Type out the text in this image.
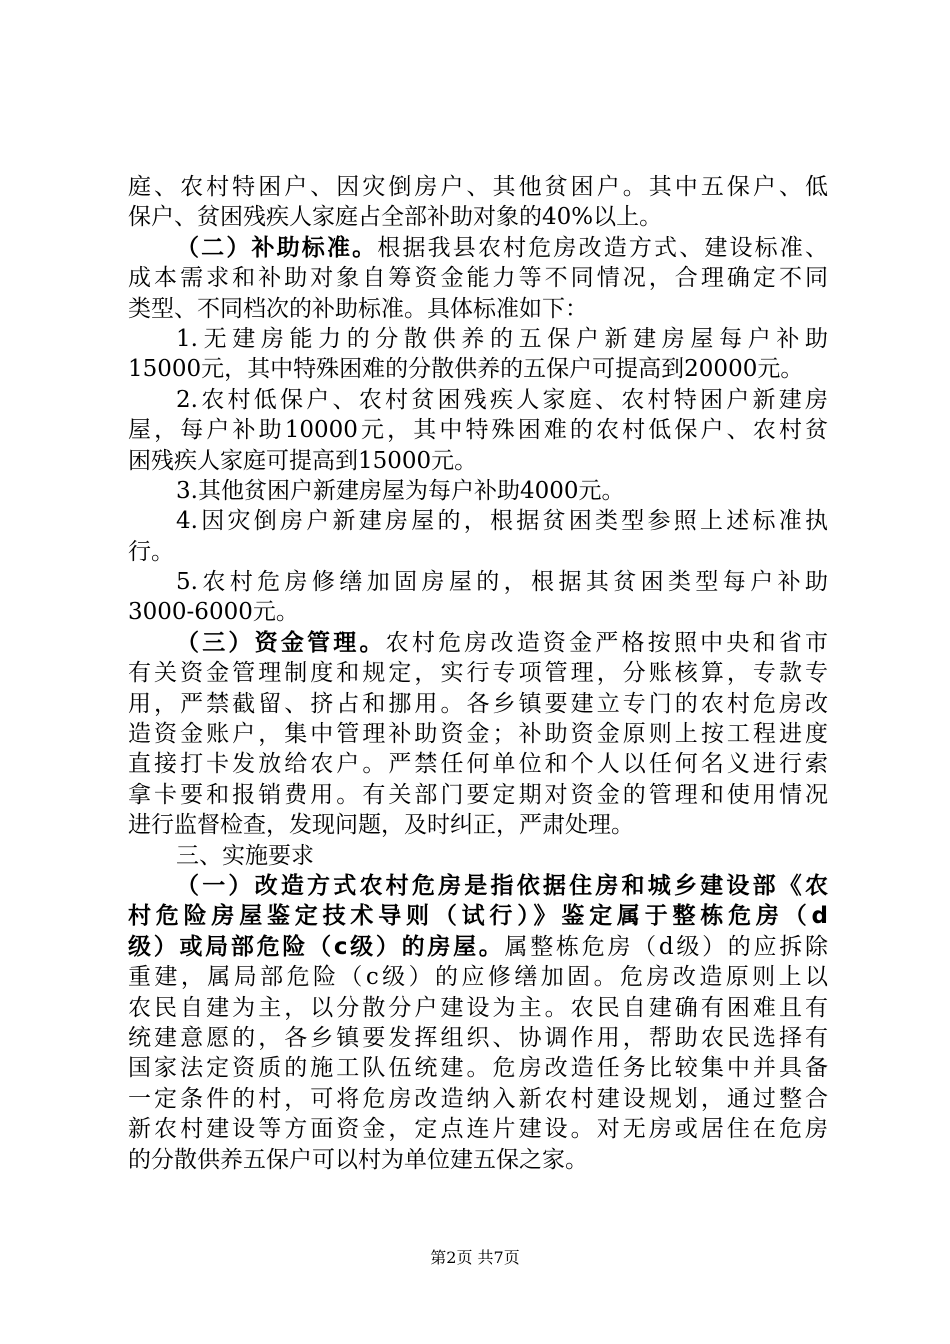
庭、农村特困户、因灾倒房户、其他贫困户。其中五保户、低
保户、贫困残疾人家庭占全部补助对象的40%以上。
（二）补助标准。根据我县农村危房改造方式、建设标准、
成本需求和补助对象自筹资金能力等不同情况，合理确定不同
类型、不同档次的补助标准。具体标准如下：
1.无建房能力的分散供养的五保户新建房屋每户补助
15000元，其中特殊困难的分散供养的五保户可提高到20000元。
2.农村低保户、农村贫困残疾人家庭、农村特困户新建房
屋，每户补助10000元，其中特殊困难的农村低保户、农村贫
困残疾人家庭可提高到15000元。
3.其他贫困户新建房屋为每户补助4000元。
4.因灾倒房户新建房屋的，根据贫困类型参照上述标准执
行。
5.农村危房修缮加固房屋的，根据其贫困类型每户补助
3000-6000元。
（三）资金管理。农村危房改造资金严格按照中央和省市
有关资金管理制度和规定，实行专项管理，分账核算，专款专
用，严禁截留、挤占和挪用。各乡镇要建立专门的农村危房改
造资金账户，集中管理补助资金；补助资金原则上按工程进度
直接打卡发放给农户。严禁任何单位和个人以任何名义进行索
拿卡要和报销费用。有关部门要定期对资金的管理和使用情况
进行监督检查，发现问题，及时纠正，严肃处理。
三、实施要求
（一）改造方式农村危房是指依据住房和城乡建设部《农
村危险房屋鉴定技术导则（试行）》鉴定属于整栋危房（d
级）或局部危险（c级）的房屋。属整栋危房（d级）的应拆除
重建，属局部危险（c级）的应修缮加固。危房改造原则上以
农民自建为主，以分散分户建设为主。农民自建确有困难且有
统建意愿的，各乡镇要发挥组织、协调作用，帮助农民选择有
国家法定资质的施工队伍统建。危房改造任务比较集中并具备
一定条件的村，可将危房改造纳入新农村建设规划，通过整合
新农村建设等方面资金，定点连片建设。对无房或居住在危房
的分散供养五保户可以村为单位建五保之家。
第2页 共7页
